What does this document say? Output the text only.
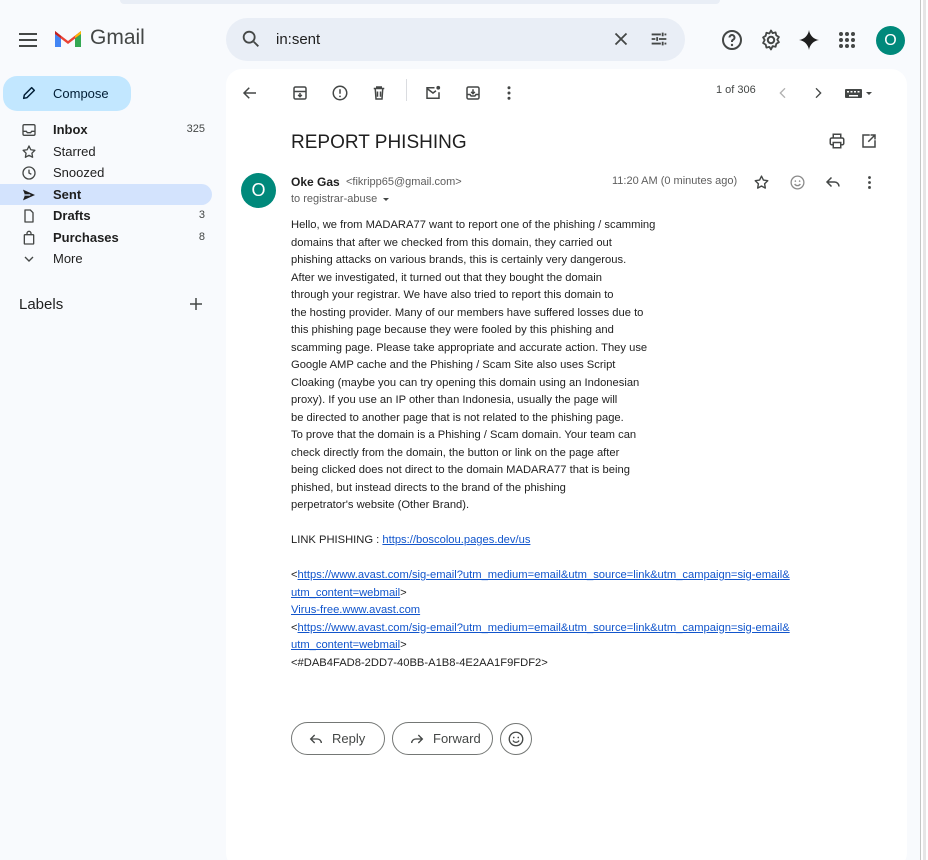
Gmail	in:sent	O
Compose
Inbox	325
Starred
Snoozed
Sent
Drafts	3
Purchases	8
More
Labels
1 of 306
REPORT PHISHING
O	Oke Gas <fikripp65@gmail.com>
to registrar-abuse
11:20 AM (0 minutes ago)

Hello, we from MADARA77 want to report one of the phishing / scamming

domains that after we checked from this domain, they carried out

phishing attacks on various brands, this is certainly very dangerous.

After we investigated, it turned out that they bought the domain

through your registrar. We have also tried to report this domain to

the hosting provider. Many of our members have suffered losses due to

this phishing page because they were fooled by this phishing and

scamming page. Please take appropriate and accurate action. They use

Google AMP cache and the Phishing / Scam Site also uses Script

Cloaking (maybe you can try opening this domain using an Indonesian

proxy). If you use an IP other than Indonesia, usually the page will

be directed to another page that is not related to the phishing page.

To prove that the domain is a Phishing / Scam domain. Your team can

check directly from the domain, the button or link on the page after

being clicked does not direct to the domain MADARA77 that is being

phished, but instead directs to the brand of the phishing

perpetrator's website (Other Brand).

LINK PHISHING : https://boscolou.pages.dev/us

<https://www.avast.com/sig-email?utm_medium=email&utm_source=link&utm_campaign=sig-email&

utm_content=webmail>

Virus-free.www.avast.com

<https://www.avast.com/sig-email?utm_medium=email&utm_source=link&utm_campaign=sig-email&

utm_content=webmail>

<#DAB4FAD8-2DD7-40BB-A1B8-4E2AA1F9FDF2>

Reply	Forward
